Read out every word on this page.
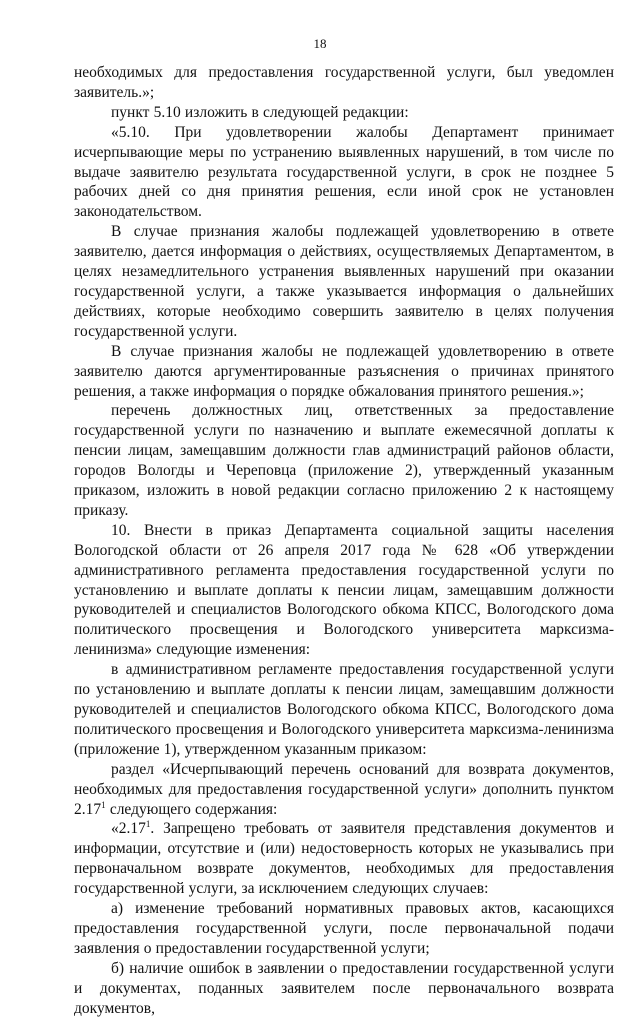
18

необходимых для предоставления государственной услуги, был уведомлен заявитель.»;

пункт 5.10 изложить в следующей редакции:

«5.10. При удовлетворении жалобы Департамент принимает исчерпывающие меры по устранению выявленных нарушений, в том числе по выдаче заявителю результата государственной услуги, в срок не позднее 5 рабочих дней со дня принятия решения, если иной срок не установлен законодательством.

В случае признания жалобы подлежащей удовлетворению в ответе заявителю, дается информация о действиях, осуществляемых Департаментом, в целях незамедлительного устранения выявленных нарушений при оказании государственной услуги, а также указывается информация о дальнейших действиях, которые необходимо совершить заявителю в целях получения государственной услуги.

В случае признания жалобы не подлежащей удовлетворению в ответе заявителю даются аргументированные разъяснения о причинах принятого решения, а также информация о порядке обжалования принятого решения.»;

перечень должностных лиц, ответственных за предоставление государственной услуги по назначению и выплате ежемесячной доплаты к пенсии лицам, замещавшим должности глав администраций районов области, городов Вологды и Череповца (приложение 2), утвержденный указанным приказом, изложить в новой редакции согласно приложению 2 к настоящему приказу.

10. Внести в приказ Департамента социальной защиты населения Вологодской области от 26 апреля 2017 года № 628 «Об утверждении административного регламента предоставления государственной услуги по установлению и выплате доплаты к пенсии лицам, замещавшим должности руководителей и специалистов Вологодского обкома КПСС, Вологодского дома политического просвещения и Вологодского университета марксизма-ленинизма» следующие изменения:

в административном регламенте предоставления государственной услуги по установлению и выплате доплаты к пенсии лицам, замещавшим должности руководителей и специалистов Вологодского обкома КПСС, Вологодского дома политического просвещения и Вологодского университета марксизма-ленинизма (приложение 1), утвержденном указанным приказом:

раздел «Исчерпывающий перечень оснований для возврата документов, необходимых для предоставления государственной услуги» дополнить пунктом 2.17$^1$ следующего содержания:

«2.17$^1$. Запрещено требовать от заявителя представления документов и информации, отсутствие и (или) недостоверность которых не указывались при первоначальном возврате документов, необходимых для предоставления государственной услуги, за исключением следующих случаев:

а) изменение требований нормативных правовых актов, касающихся предоставления государственной услуги, после первоначальной подачи заявления о предоставлении государственной услуги;

б) наличие ошибок в заявлении о предоставлении государственной услуги и документах, поданных заявителем после первоначального возврата документов,
